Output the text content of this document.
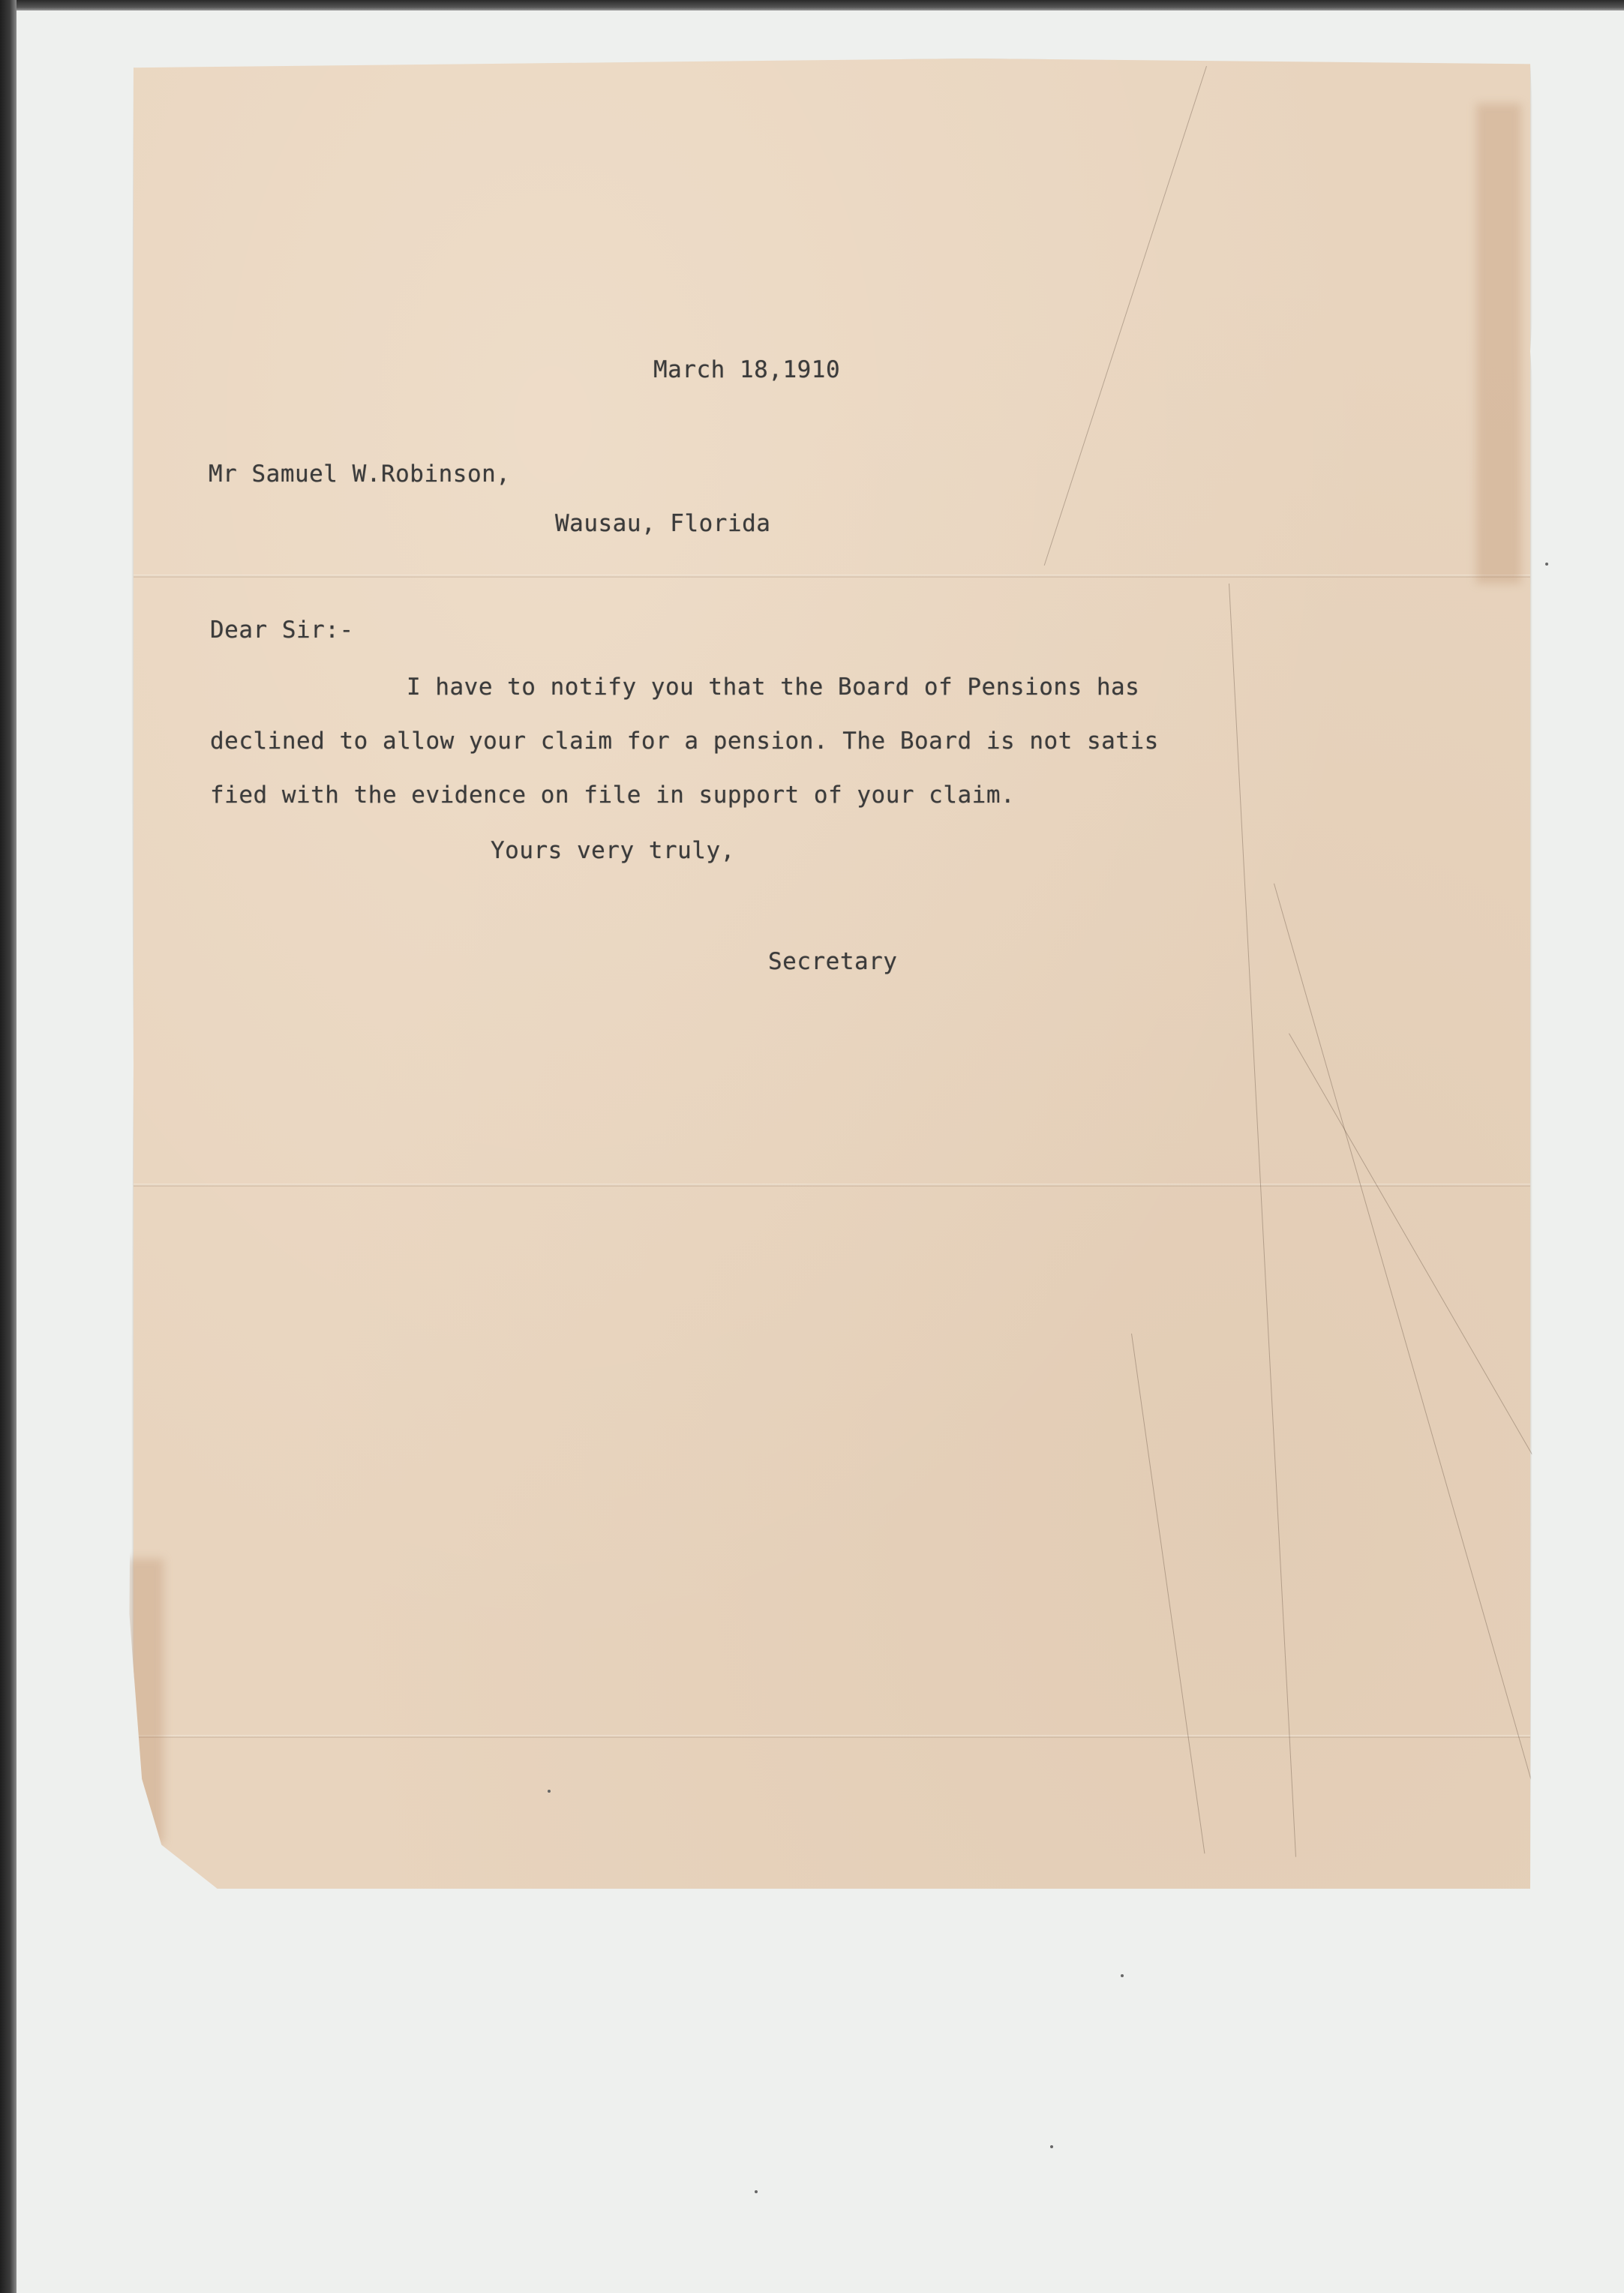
March 18,1910
Mr Samuel W.Robinson,
Wausau, Florida
Dear Sir:-
I have to notify you that the Board of Pensions has
declined to allow your claim for a pension. The Board is not satis
fied with the evidence on file in support of your claim.
Yours very truly,
Secretary
